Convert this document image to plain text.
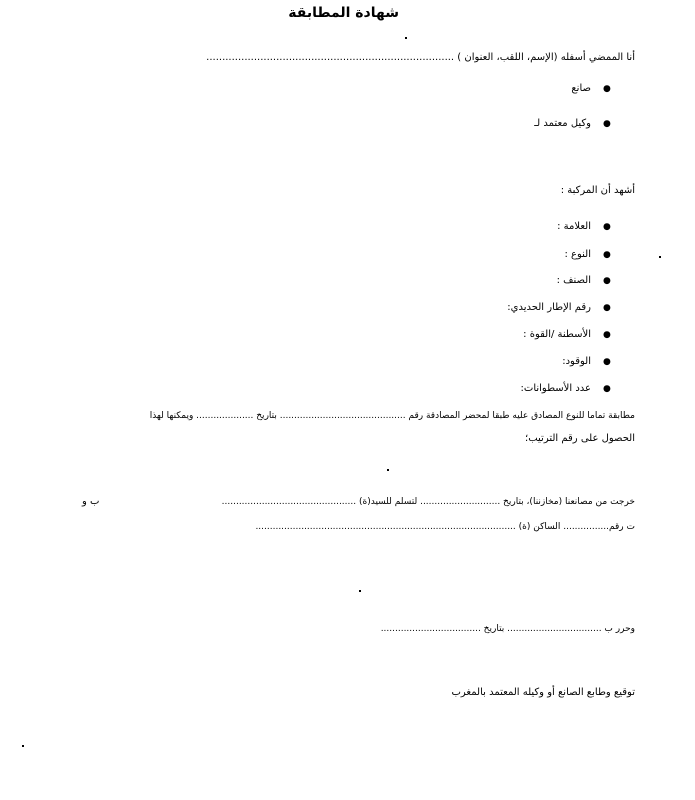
شهادة المطابقة
أنا الممضي أسفله (الإسم، اللقب، العنوان ) ..............................................................................
صانع ●
وكيل معتمد لـ ●
أشهد أن المركبة :
العلامة : ●
النوع : ●
الصنف : ●
رقم الإطار الحديدي: ●
الأسطنة /القوة : ●
الوقود: ●
عدد الأسطوانات: ●
مطابقة تماما للنوع المصادق عليه طبقا لمحضر المصادقة رقم ............................................ بتاريخ .................... ويمكنها لهذا
الحصول على رقم الترتيب؛
خرجت من مصانعنا (مخازننا)، بتاريخ ............................ لتسلم للسيد(ة) ...............................................
ب و
ت رقم................ الساكن (ة) ...........................................................................................
وحرر ب ................................. بتاريخ ...................................
توقيع وطابع الصانع أو وكيله المعتمد بالمغرب
